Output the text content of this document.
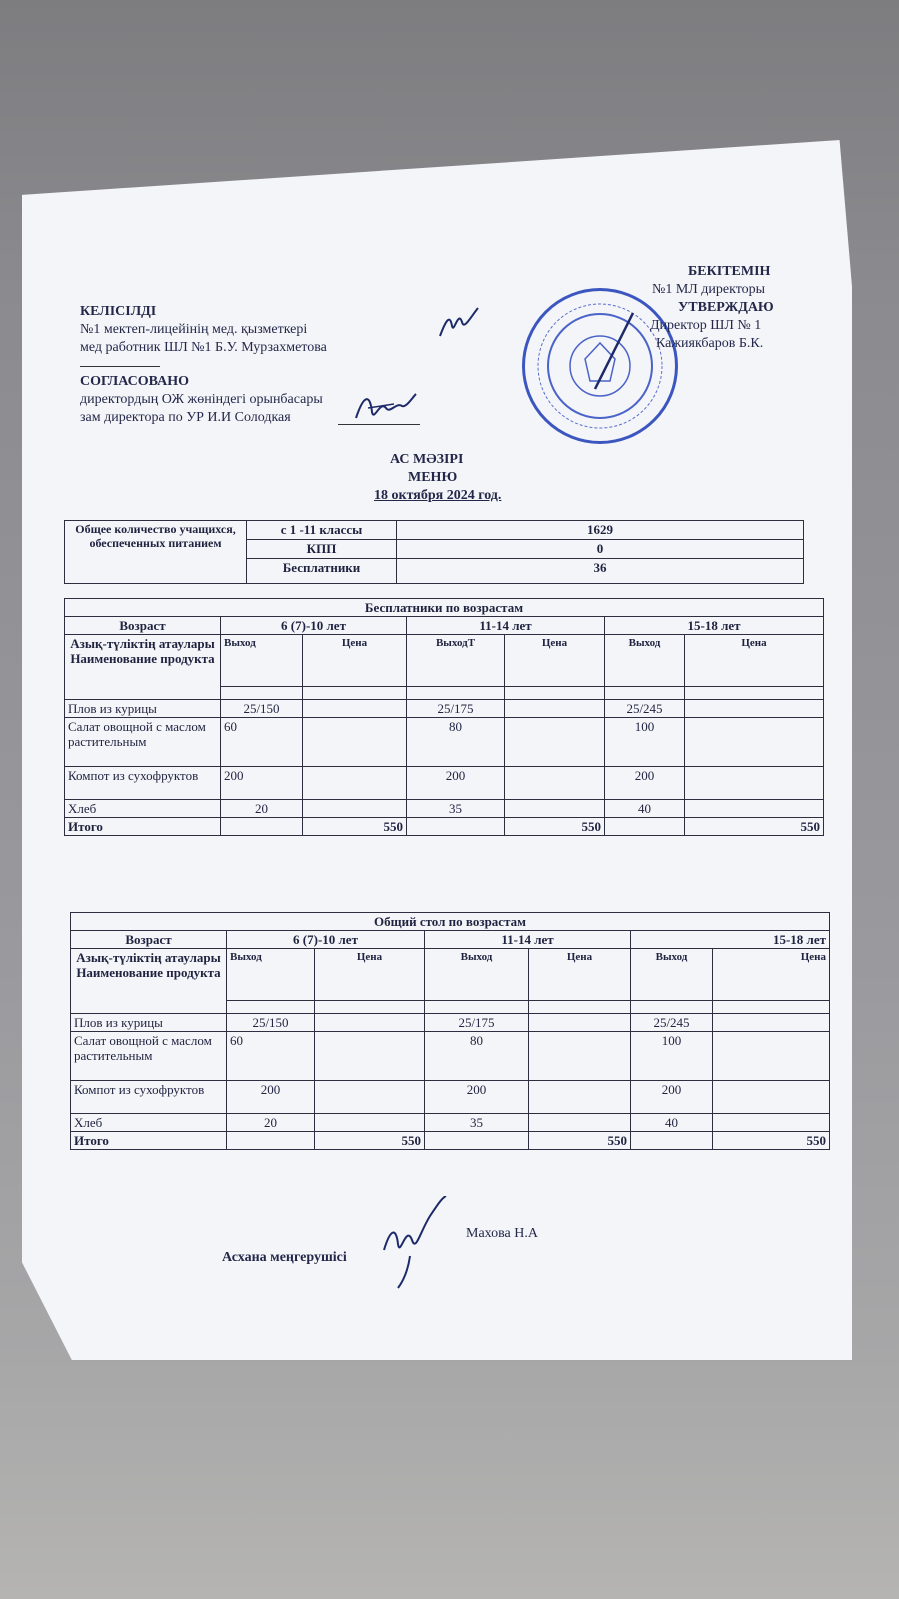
КЕЛІСІЛДІ
№1 мектеп-лицейінің мед. қызметкері
мед работник ШЛ №1 Б.У. Мурзахметова
СОГЛАСОВАНО
директордың ОЖ жөніндегі орынбасары
зам директора по УР И.И Солодкая
БЕКІТЕМІН
№1 МЛ директоры
УТВЕРЖДАЮ
Директор ШЛ № 1
Кажиякбаров Б.К.
АС МӘЗІРІ
МЕНЮ
18 октября 2024 год.
Общее количество учащихся, обеспеченных питанием	с 1 -11 классы	1629
	КПП	0
	Бесплатники	36
Бесплатники по возрастам						
Возраст	6 (7)-10 лет		11-14 лет		15-18 лет	
Азық-түліктің атаулары Наименование продукта	Выход	Цена	ВыходТ	Цена	Выход	Цена

Плов из курицы	25/150		25/175		25/245	
Салат овощной с маслом растительным	60		80		100	
Компот из сухофруктов	200		200		200	
Хлеб	20		35		40	
Итого		550		550		550
Общий стол по возрастам						
Возраст	6 (7)-10 лет		11-14 лет		15-18 лет	
Азық-түліктің атаулары Наименование продукта	Выход	Цена	Выход	Цена	Выход	Цена

Плов из курицы	25/150		25/175		25/245	
Салат овощной с маслом растительным	60		80		100	
Компот из сухофруктов	200		200		200	
Хлеб	20		35		40	
Итого		550		550		550
Асхана меңгерушісі
Махова Н.А
